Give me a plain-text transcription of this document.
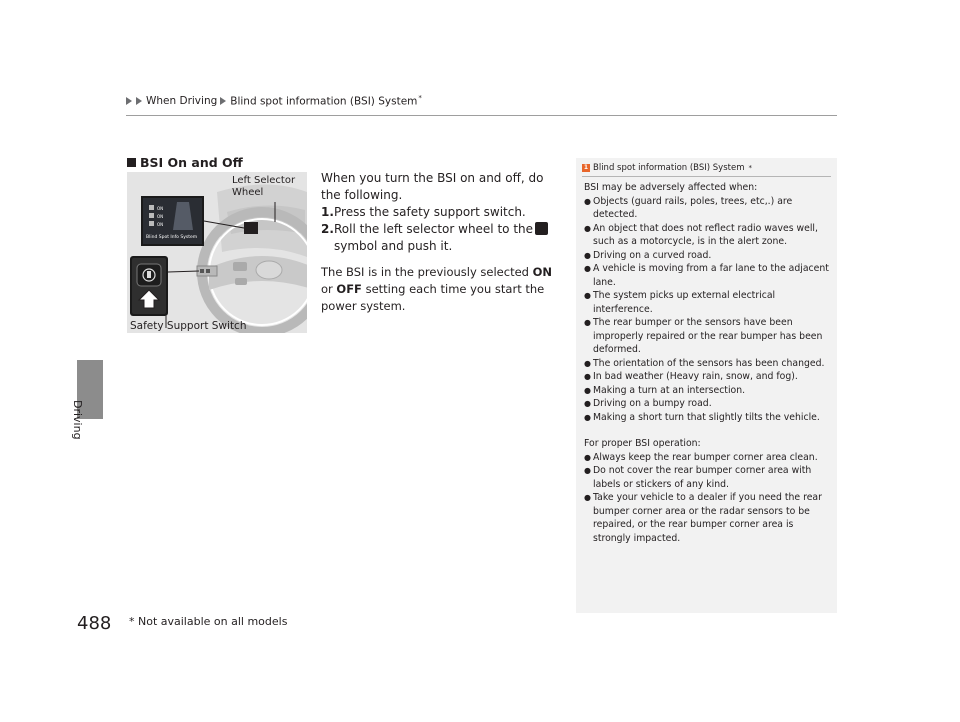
When Driving Blind spot information (BSI) System*
Driving
488 * Not available on all models
BSI On and Off
ON
ON
ON
Blind Spot Info System
Left Selector Wheel
Safety Support Switch

When you turn the BSI on and off, do the following.

1. Press the safety support switch.
2. Roll the left selector wheel to thesymbol and push it.

The BSI is in the previously selected ON or OFF setting each time you start the power system.

1 Blind spot information (BSI) System *

BSI may be adversely affected when:

● Objects (guard rails, poles, trees, etc,.) are detected.
● An object that does not reflect radio waves well, such as a motorcycle, is in the alert zone.
● Driving on a curved road.
● A vehicle is moving from a far lane to the adjacent lane.
● The system picks up external electrical interference.
● The rear bumper or the sensors have been improperly repaired or the rear bumper has been deformed.
● The orientation of the sensors has been changed.
● In bad weather (Heavy rain, snow, and fog).
● Making a turn at an intersection.
● Driving on a bumpy road.
● Making a short turn that slightly tilts the vehicle.

For proper BSI operation:

● Always keep the rear bumper corner area clean.
● Do not cover the rear bumper corner area with labels or stickers of any kind.
● Take your vehicle to a dealer if you need the rear bumper corner area or the radar sensors to be repaired, or the rear bumper corner area is strongly impacted.
